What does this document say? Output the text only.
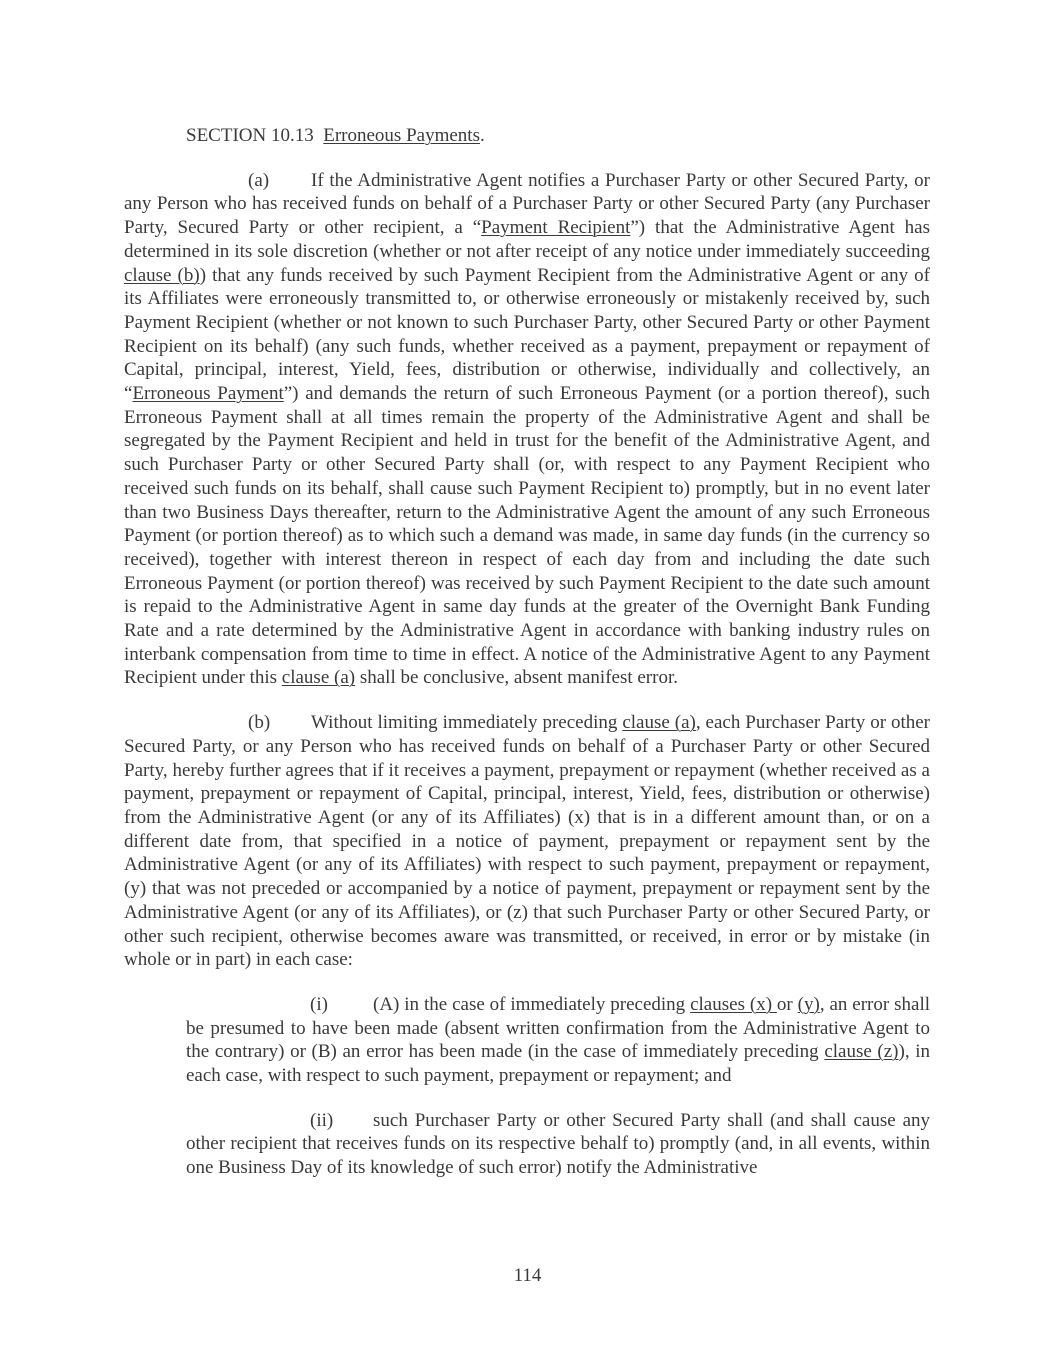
SECTION 10.13 Erroneous Payments.

(a) If the Administrative Agent notifies a Purchaser Party or other Secured Party, or any Person who has received funds on behalf of a Purchaser Party or other Secured Party (any Purchaser Party, Secured Party or other recipient, a “Payment Recipient”) that the Administrative Agent has determined in its sole discretion (whether or not after receipt of any notice under immediately succeeding clause (b)) that any funds received by such Payment Recipient from the Administrative Agent or any of its Affiliates were erroneously transmitted to, or otherwise erroneously or mistakenly received by, such Payment Recipient (whether or not known to such Purchaser Party, other Secured Party or other Payment Recipient on its behalf) (any such funds, whether received as a payment, prepayment or repayment of Capital, principal, interest, Yield, fees, distribution or otherwise, individually and collectively, an “Erroneous Payment”) and demands the return of such Erroneous Payment (or a portion thereof), such Erroneous Payment shall at all times remain the property of the Administrative Agent and shall be segregated by the Payment Recipient and held in trust for the benefit of the Administrative Agent, and such Purchaser Party or other Secured Party shall (or, with respect to any Payment Recipient who received such funds on its behalf, shall cause such Payment Recipient to) promptly, but in no event later than two Business Days thereafter, return to the Administrative Agent the amount of any such Erroneous Payment (or portion thereof) as to which such a demand was made, in same day funds (in the currency so received), together with interest thereon in respect of each day from and including the date such Erroneous Payment (or portion thereof) was received by such Payment Recipient to the date such amount is repaid to the Administrative Agent in same day funds at the greater of the Overnight Bank Funding Rate and a rate determined by the Administrative Agent in accordance with banking industry rules on interbank compensation from time to time in effect. A notice of the Administrative Agent to any Payment Recipient under this clause (a) shall be conclusive, absent manifest error.

(b) Without limiting immediately preceding clause (a), each Purchaser Party or other Secured Party, or any Person who has received funds on behalf of a Purchaser Party or other Secured Party, hereby further agrees that if it receives a payment, prepayment or repayment (whether received as a payment, prepayment or repayment of Capital, principal, interest, Yield, fees, distribution or otherwise) from the Administrative Agent (or any of its Affiliates) (x) that is in a different amount than, or on a different date from, that specified in a notice of payment, prepayment or repayment sent by the Administrative Agent (or any of its Affiliates) with respect to such payment, prepayment or repayment, (y) that was not preceded or accompanied by a notice of payment, prepayment or repayment sent by the Administrative Agent (or any of its Affiliates), or (z) that such Purchaser Party or other Secured Party, or other such recipient, otherwise becomes aware was transmitted, or received, in error or by mistake (in whole or in part) in each case:

(i) (A) in the case of immediately preceding clauses (x) or (y), an error shall be presumed to have been made (absent written confirmation from the Administrative Agent to the contrary) or (B) an error has been made (in the case of immediately preceding clause (z)), in each case, with respect to such payment, prepayment or repayment; and

(ii) such Purchaser Party or other Secured Party shall (and shall cause any other recipient that receives funds on its respective behalf to) promptly (and, in all events, within one Business Day of its knowledge of such error) notify the Administrative

114
